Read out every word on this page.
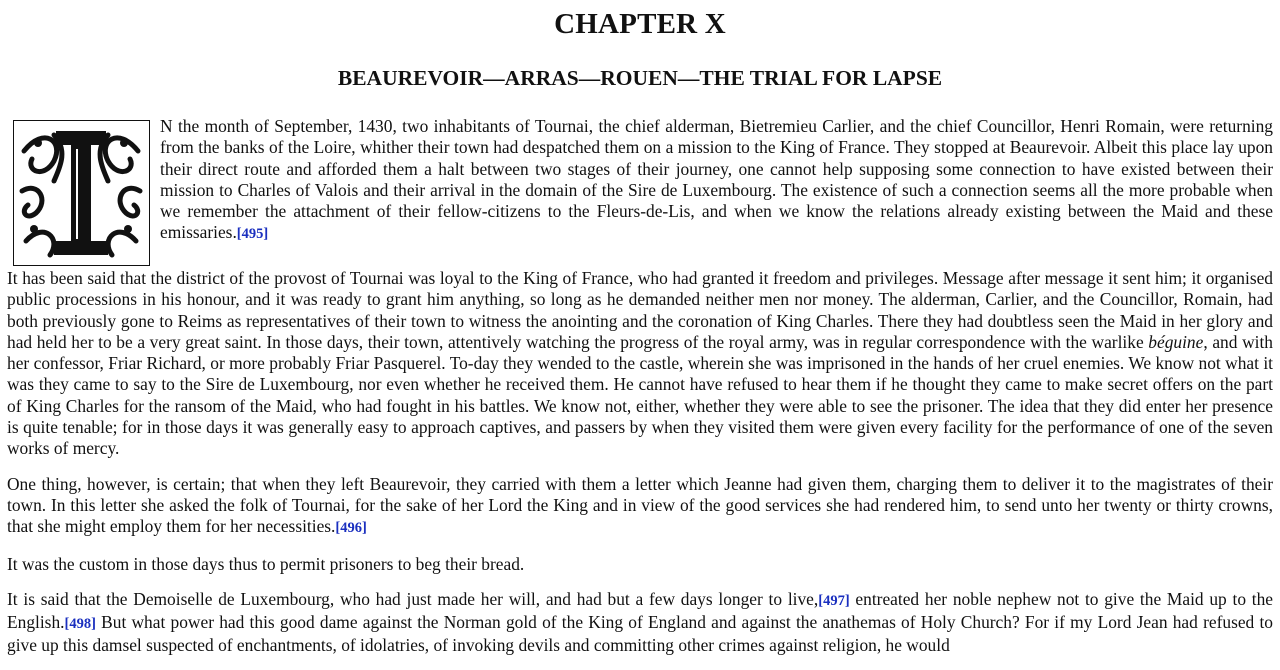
CHAPTER X
BEAUREVOIR—ARRAS—ROUEN—THE TRIAL FOR LAPSE

N the month of September, 1430, two inhabitants of Tournai, the chief alderman, Bietremieu Carlier, and the chief Councillor, Henri Romain, were returning from the banks of the Loire, whither their town had despatched them on a mission to the King of France. They stopped at Beaurevoir. Albeit this place lay upon their direct route and afforded them a halt between two stages of their journey, one cannot help supposing some connection to have existed between their mission to Charles of Valois and their arrival in the domain of the Sire de Luxembourg. The existence of such a connection seems all the more probable when we remember the attachment of their fellow-citizens to the Fleurs-de-Lis, and when we know the relations already existing between the Maid and these emissaries.[495]

It has been said that the district of the provost of Tournai was loyal to the King of France, who had granted it freedom and privileges. Message after message it sent him; it organised public processions in his honour, and it was ready to grant him anything, so long as he demanded neither men nor money. The alderman, Carlier, and the Councillor, Romain, had both previously gone to Reims as representatives of their town to witness the anointing and the coronation of King Charles. There they had doubtless seen the Maid in her glory and had held her to be a very great saint. In those days, their town, attentively watching the progress of the royal army, was in regular correspondence with the warlike béguine, and with her confessor, Friar Richard, or more probably Friar Pasquerel. To-day they wended to the castle, wherein she was imprisoned in the hands of her cruel enemies. We know not what it was they came to say to the Sire de Luxembourg, nor even whether he received them. He cannot have refused to hear them if he thought they came to make secret offers on the part of King Charles for the ransom of the Maid, who had fought in his battles. We know not, either, whether they were able to see the prisoner. The idea that they did enter her presence is quite tenable; for in those days it was generally easy to approach captives, and passers by when they visited them were given every facility for the performance of one of the seven works of mercy.

One thing, however, is certain; that when they left Beaurevoir, they carried with them a letter which Jeanne had given them, charging them to deliver it to the magistrates of their town. In this letter she asked the folk of Tournai, for the sake of her Lord the King and in view of the good services she had rendered him, to send unto her twenty or thirty crowns, that she might employ them for her necessities.[496]

It was the custom in those days thus to permit prisoners to beg their bread.

It is said that the Demoiselle de Luxembourg, who had just made her will, and had but a few days longer to live,[497] entreated her noble nephew not to give the Maid up to the English.[498] But what power had this good dame against the Norman gold of the King of England and against the anathemas of Holy Church? For if my Lord Jean had refused to give up this damsel suspected of enchantments, of idolatries, of invoking devils and committing other crimes against religion, he would
